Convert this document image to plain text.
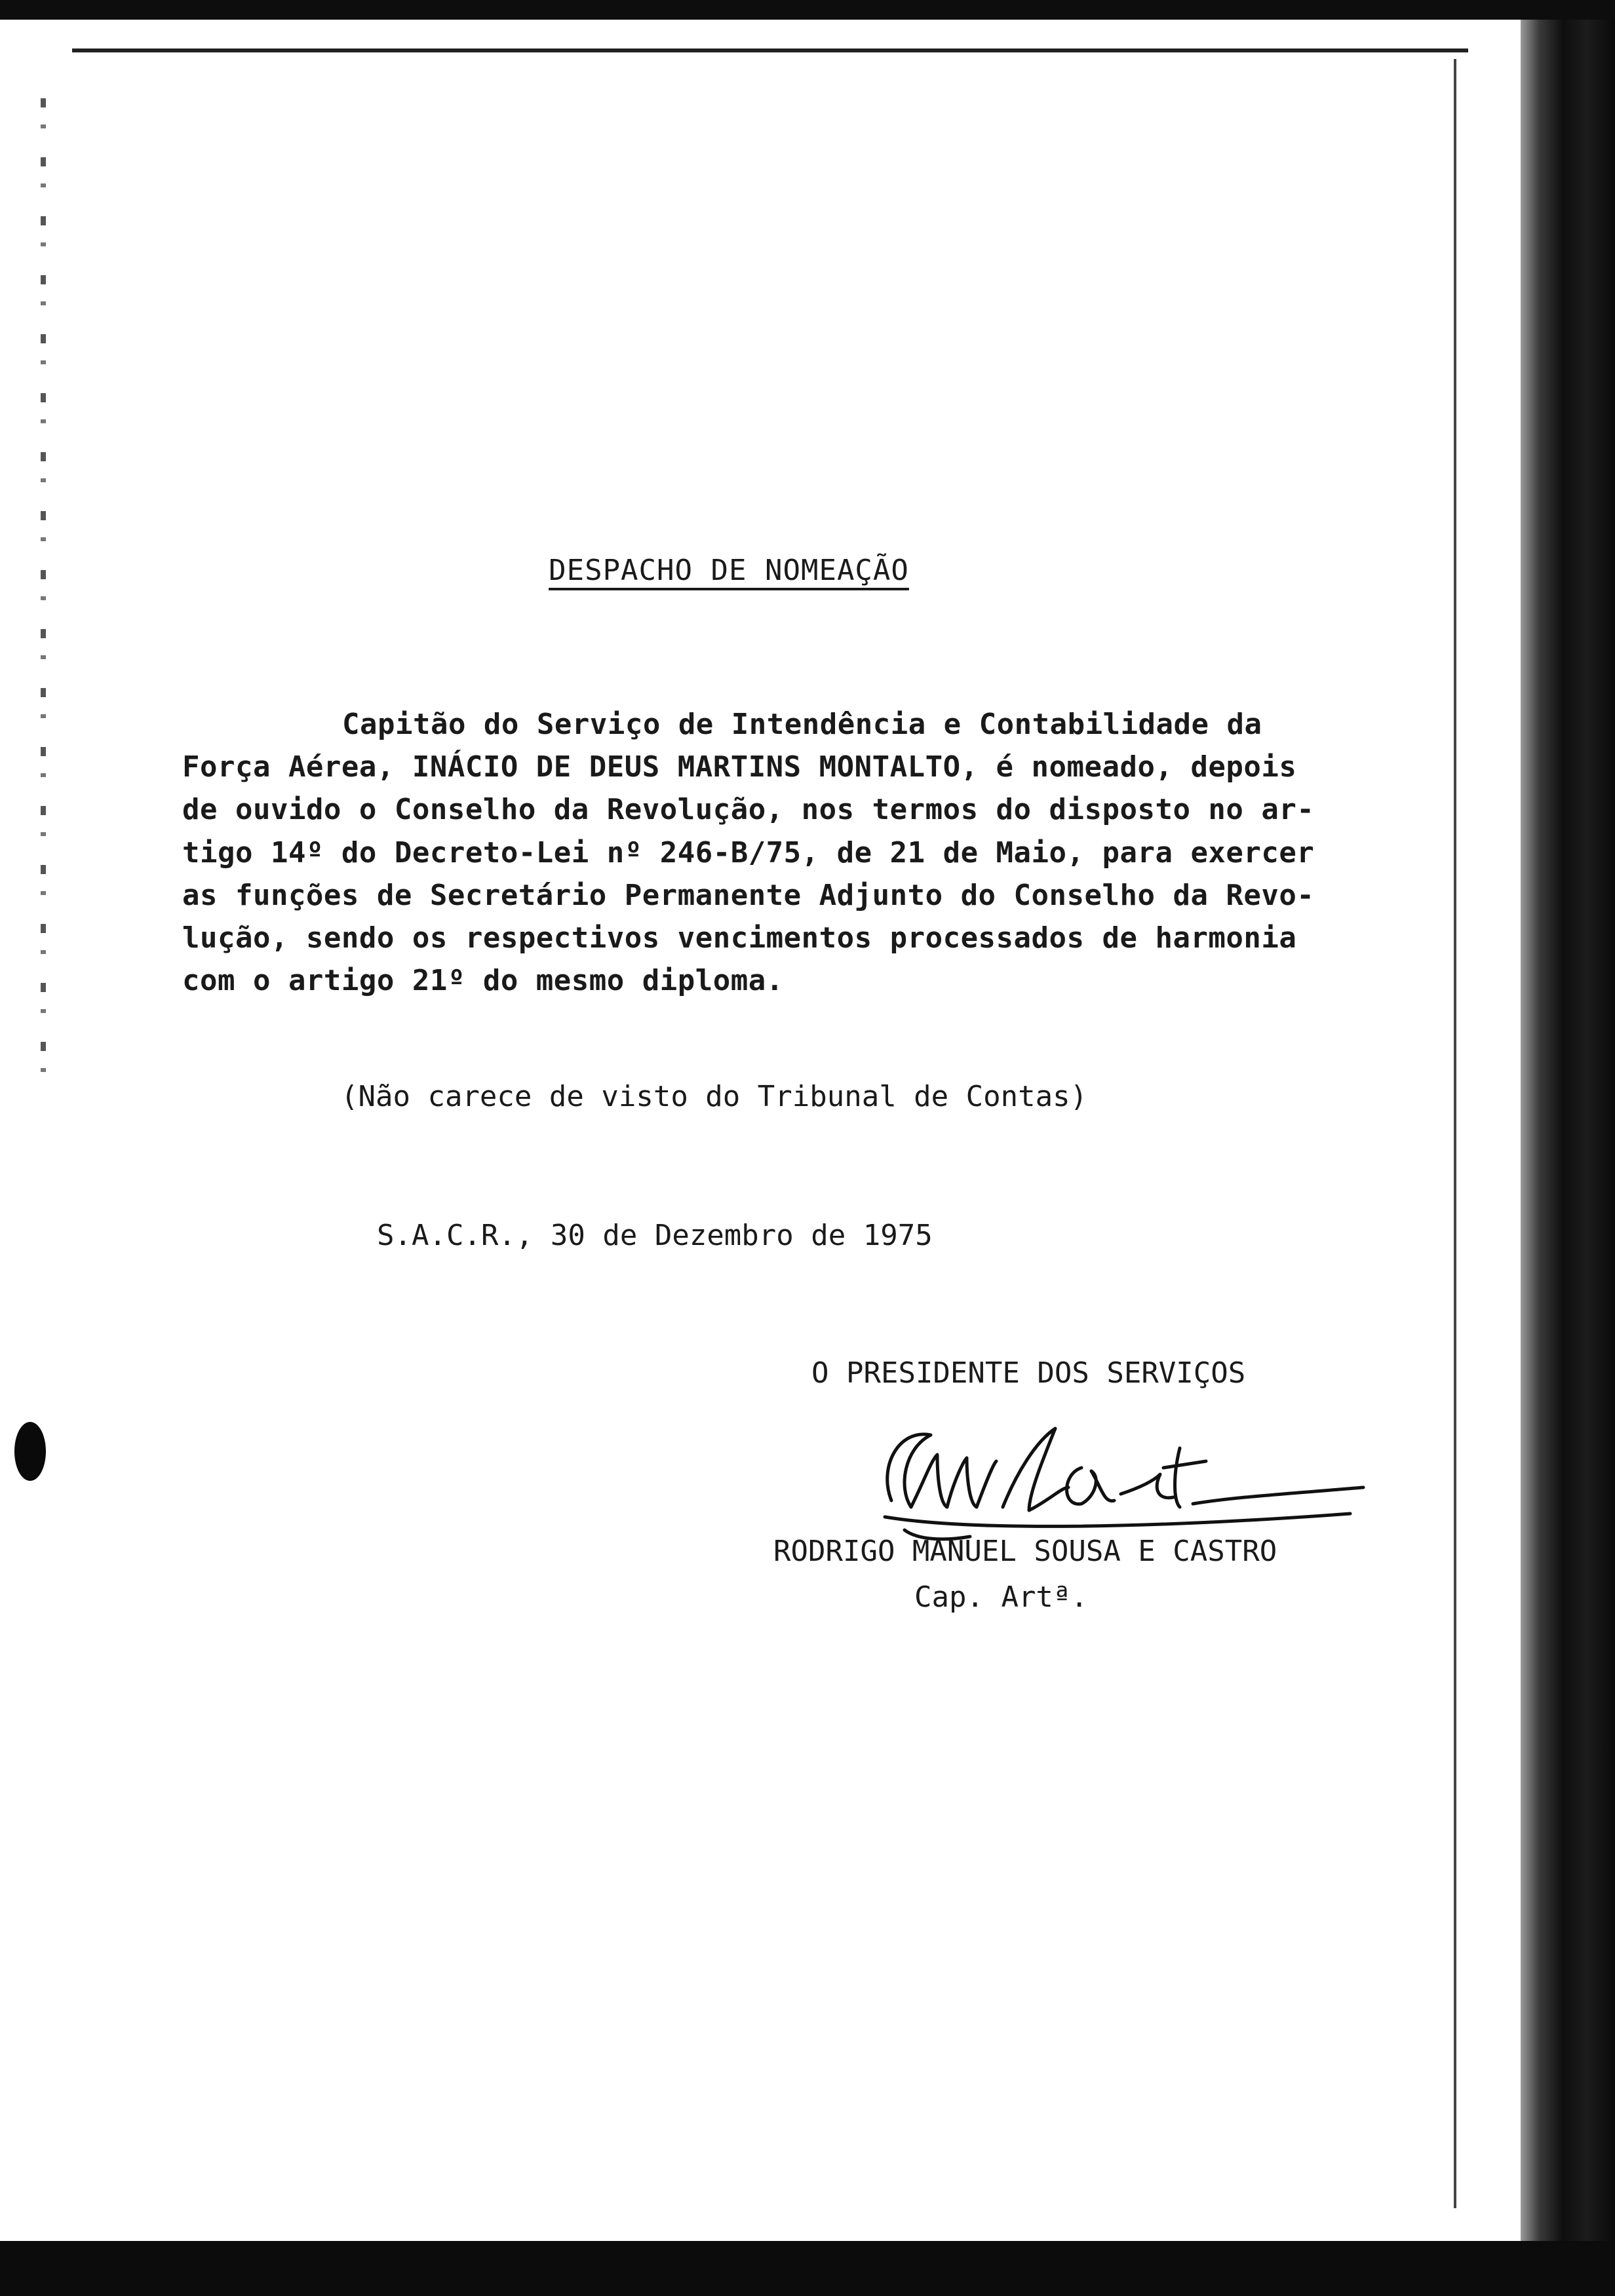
DESPACHO DE NOMEAÇÃO
Capitão do Serviço de Intendência e Contabilidade da
Força Aérea, INÁCIO DE DEUS MARTINS MONTALTO, é nomeado, depois
de ouvido o Conselho da Revolução, nos termos do disposto no ar-
tigo 14º do Decreto-Lei nº 246-B/75, de 21 de Maio, para exercer
as funções de Secretário Permanente Adjunto do Conselho da Revo-
lução, sendo os respectivos vencimentos processados de harmonia
com o artigo 21º do mesmo diploma.
(Não carece de visto do Tribunal de Contas)
S.A.C.R., 30 de Dezembro de 1975
O PRESIDENTE DOS SERVIÇOS
RODRIGO MANUEL SOUSA E CASTRO
Cap. Artª.
